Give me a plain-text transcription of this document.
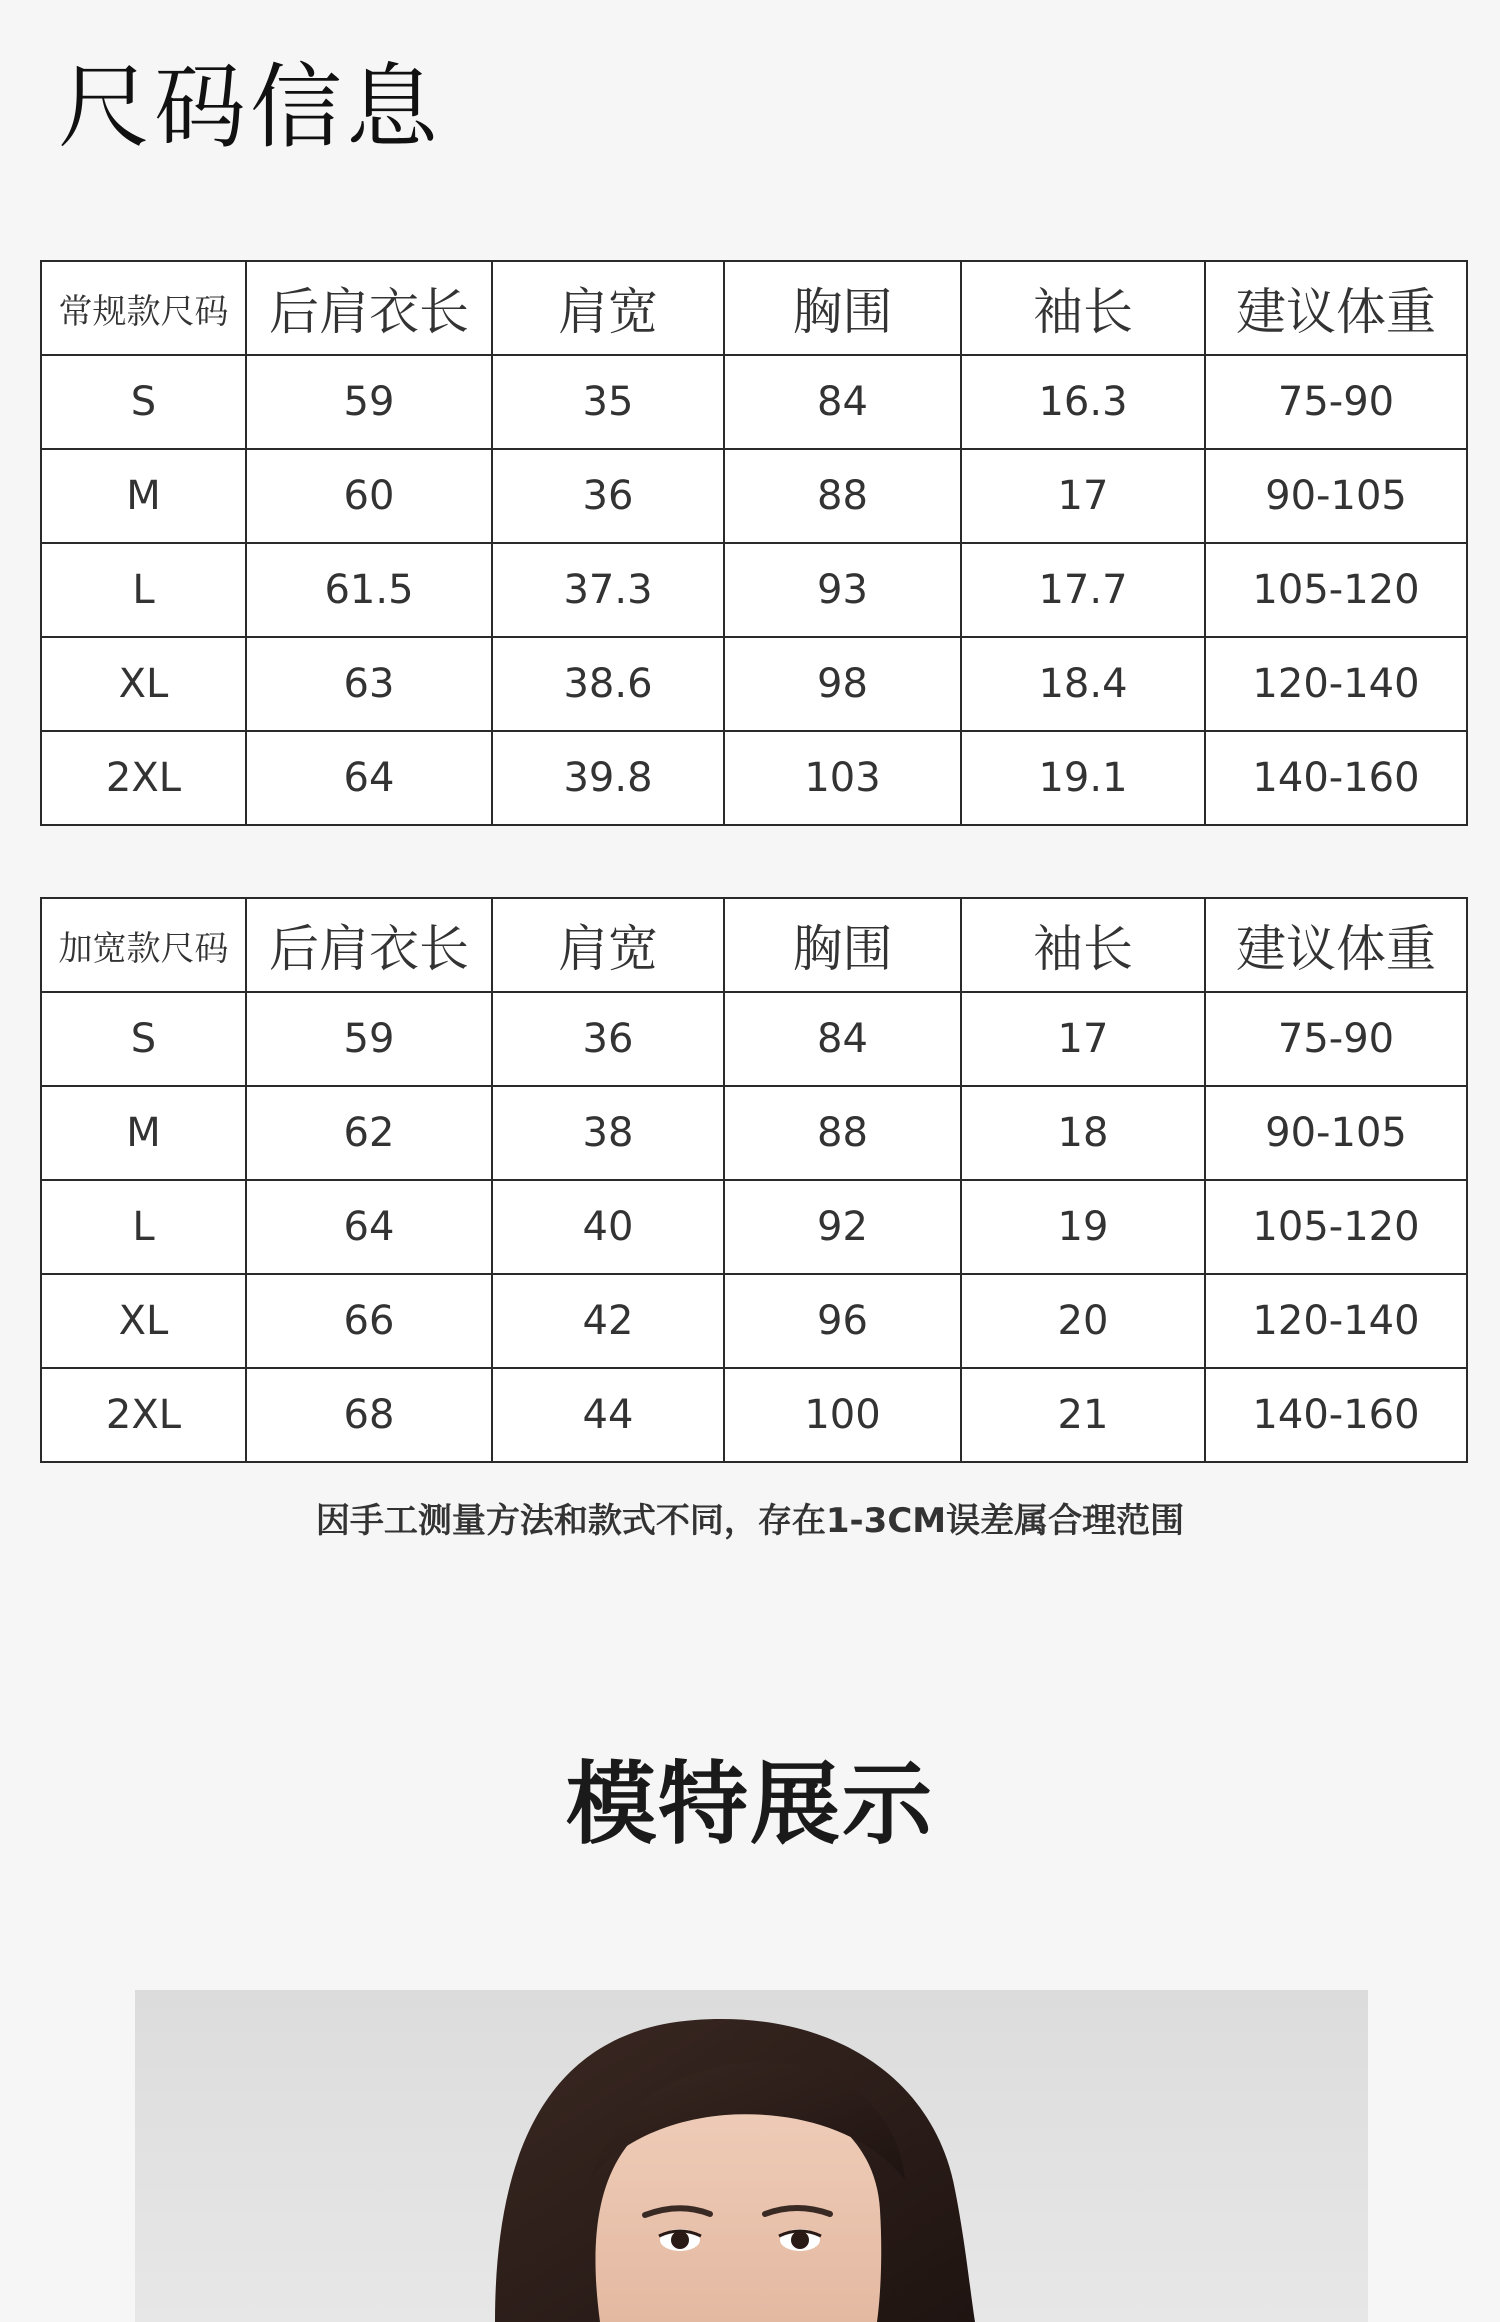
尺码信息
常规款尺码	后肩衣长	肩宽	胸围	袖长	建议体重
S	59	35	84	16.3	75-90
M	60	36	88	17	90-105
L	61.5	37.3	93	17.7	105-120
XL	63	38.6	98	18.4	120-140
2XL	64	39.8	103	19.1	140-160
加宽款尺码	后肩衣长	肩宽	胸围	袖长	建议体重
S	59	36	84	17	75-90
M	62	38	88	18	90-105
L	64	40	92	19	105-120
XL	66	42	96	20	120-140
2XL	68	44	100	21	140-160

因手工测量方法和款式不同，存在1-3CM误差属合理范围

模特展示
